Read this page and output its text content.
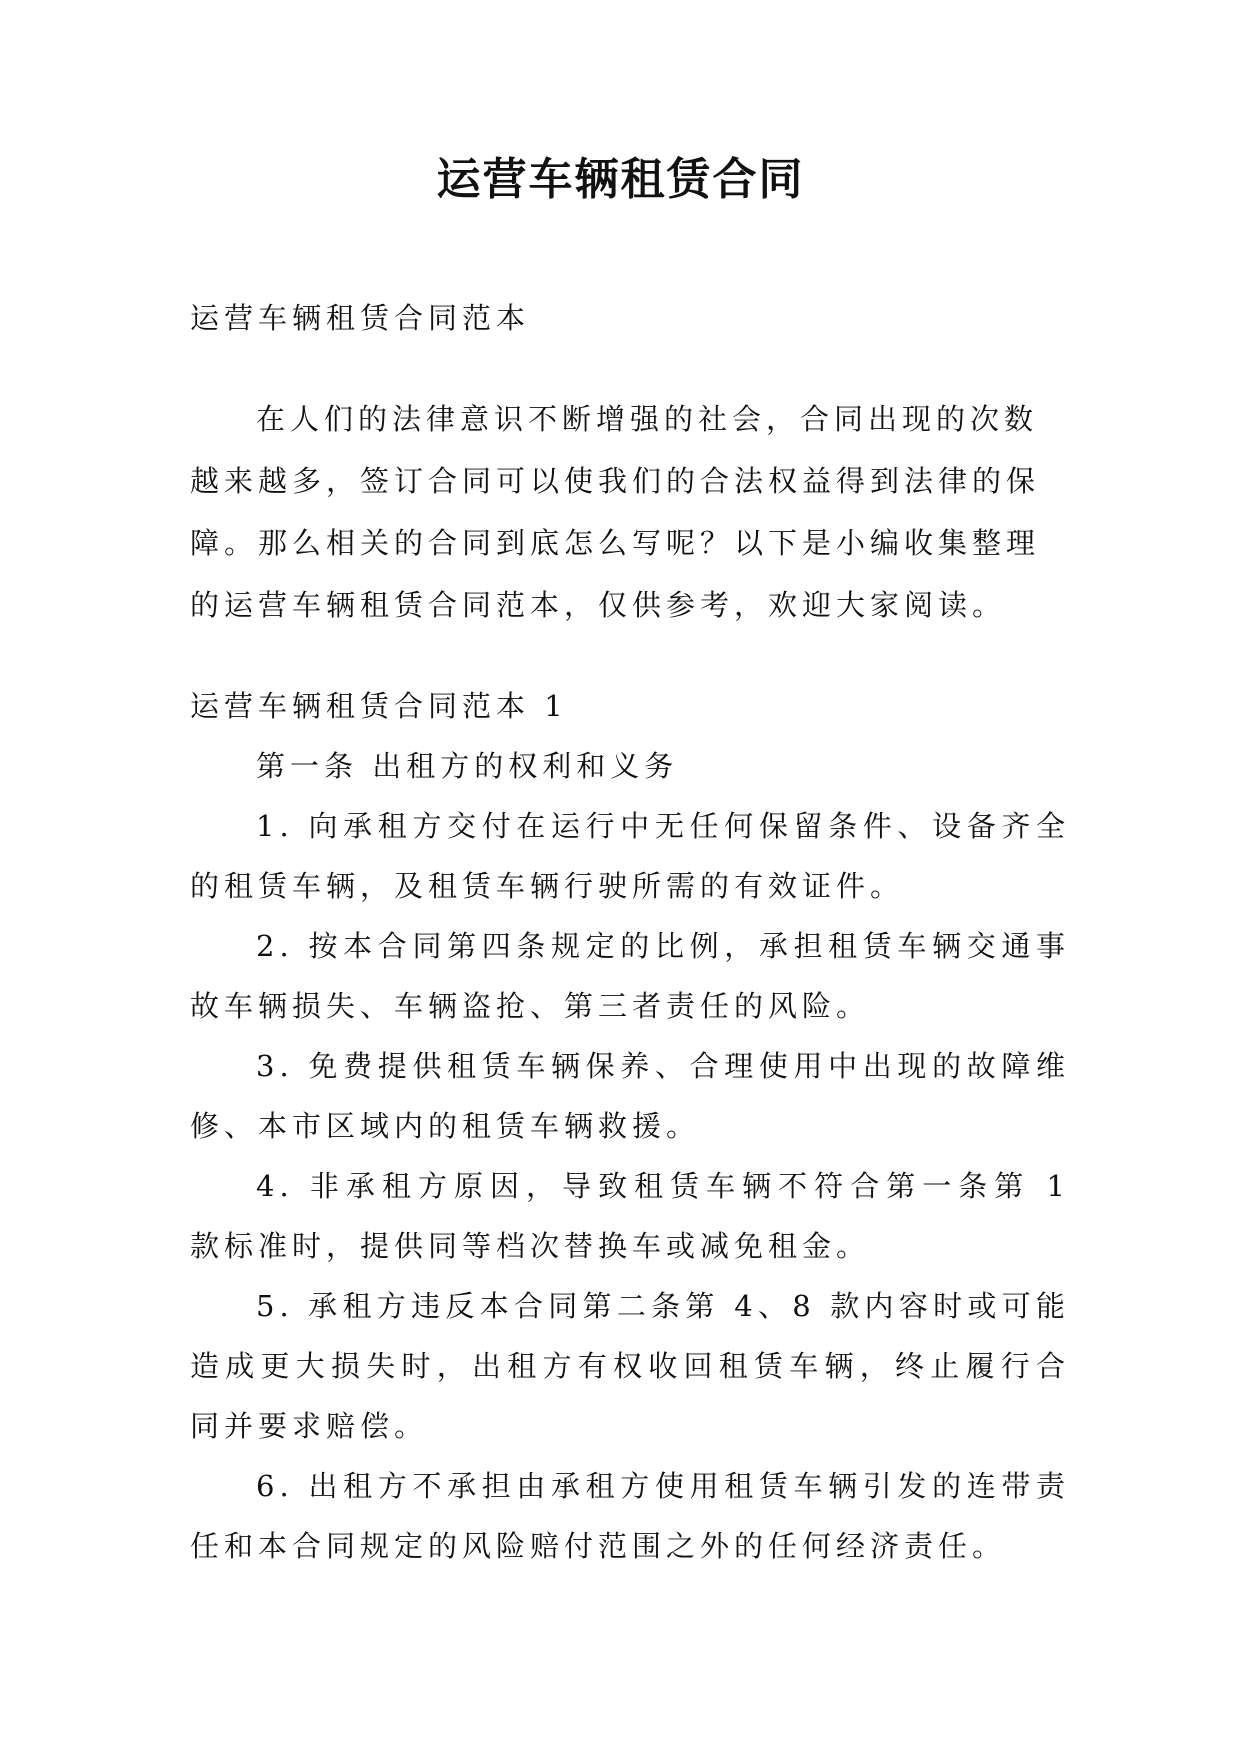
运营车辆租赁合同

运营车辆租赁合同范本

在人们的法律意识不断增强的社会，合同出现的次数越来越多，签订合同可以使我们的合法权益得到法律的保障。那么相关的合同到底怎么写呢？以下是小编收集整理的运营车辆租赁合同范本，仅供参考，欢迎大家阅读。

运营车辆租赁合同范本 1

第一条 出租方的权利和义务

1. 向承租方交付在运行中无任何保留条件、设备齐全的租赁车辆，及租赁车辆行驶所需的有效证件。
2. 按本合同第四条规定的比例，承担租赁车辆交通事故车辆损失、车辆盗抢、第三者责任的风险。
3. 免费提供租赁车辆保养、合理使用中出现的故障维修、本市区域内的租赁车辆救援。
4. 非承租方原因，导致租赁车辆不符合第一条第 1 款标准时，提供同等档次替换车或减免租金。
5. 承租方违反本合同第二条第 4、8 款内容时或可能造成更大损失时，出租方有权收回租赁车辆，终止履行合同并要求赔偿。
6. 出租方不承担由承租方使用租赁车辆引发的连带责任和本合同规定的风险赔付范围之外的任何经济责任。
